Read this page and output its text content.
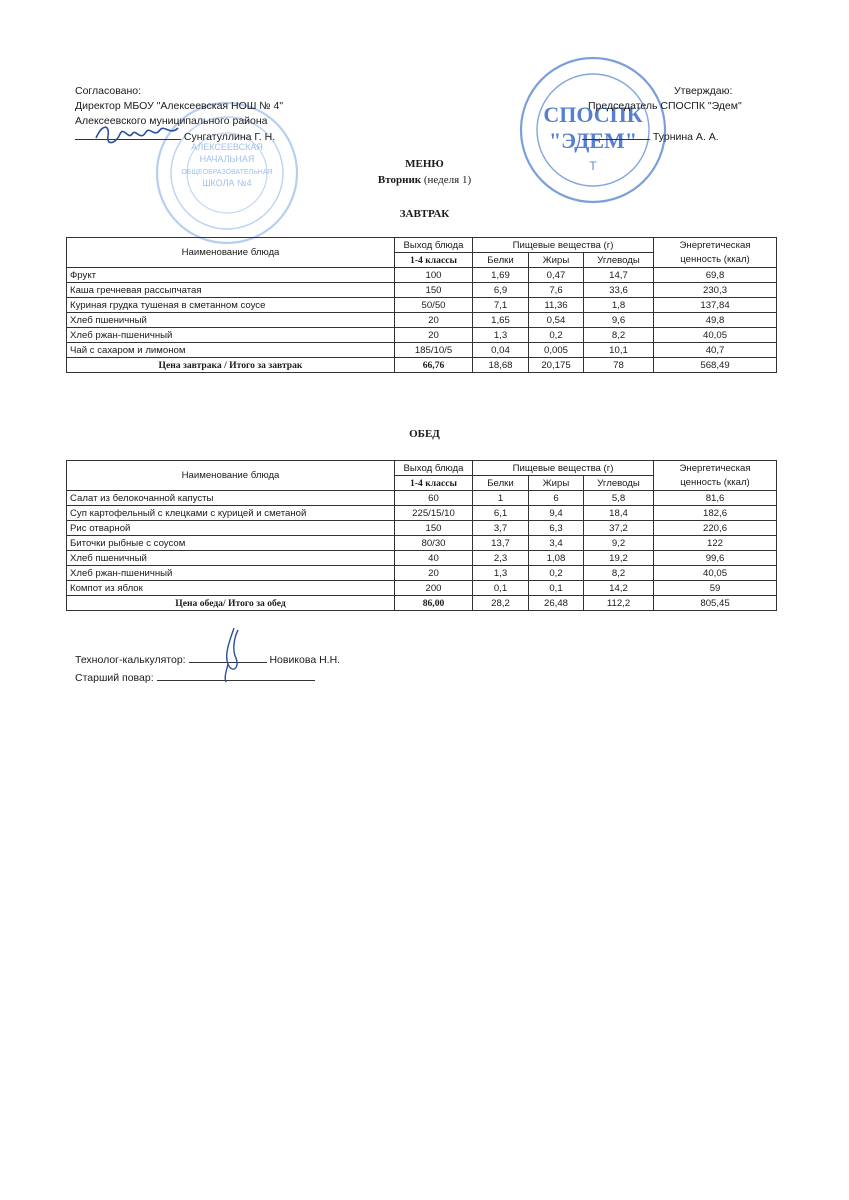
АЛЕКСЕЕВСКАЯ
НАЧАЛЬНАЯ
ОБЩЕОБРАЗОВАТЕЛЬНАЯ
ШКОЛА №4
СПОСПК
"ЭДЕМ"
Т
Согласовано:
Директор МБОУ "Алексеевская НОШ № 4"
Алексеевского муниципального района
Сунгатуллина Г. Н.
Утверждаю:
Председатель СПОСПК "Эдем"
Турнина А. А.
МЕНЮ
Вторник (неделя 1)
ЗАВТРАК
Наименование блюда	Выход блюда	Пищевые вещества (г)			Энергетическая
ценность (ккал)

	1-4 классы	Белки	Жиры	Углеводы	
Фрукт	100	1,69	0,47	14,7	69,8
Каша гречневая рассыпчатая	150	6,9	7,6	33,6	230,3
Куриная грудка тушеная в сметанном соусе	50/50	7,1	11,36	1,8	137,84
Хлеб пшеничный	20	1,65	0,54	9,6	49,8
Хлеб ржан-пшеничный	20	1,3	0,2	8,2	40,05
Чай с сахаром и лимоном	185/10/5	0,04	0,005	10,1	40,7
Цена завтрака / Итого за завтрак	66,76	18,68	20,175	78	568,49
ОБЕД
Наименование блюда	Выход блюда	Пищевые вещества (г)			Энергетическая
ценность (ккал)

	1-4 классы	Белки	Жиры	Углеводы	
Салат из белокочанной капусты	60	1	6	5,8	81,6
Суп картофельный с клецками с курицей и сметаной	225/15/10	6,1	9,4	18,4	182,6
Рис отварной	150	3,7	6,3	37,2	220,6
Биточки рыбные с соусом	80/30	13,7	3,4	9,2	122
Хлеб пшеничный	40	2,3	1,08	19,2	99,6
Хлеб ржан-пшеничный	20	1,3	0,2	8,2	40,05
Компот из яблок	200	0,1	0,1	14,2	59
Цена обеда/ Итого за обед	86,00	28,2	26,48	112,2	805,45
Технолог-калькулятор:	Новикова Н.Н.
Старший повар:
